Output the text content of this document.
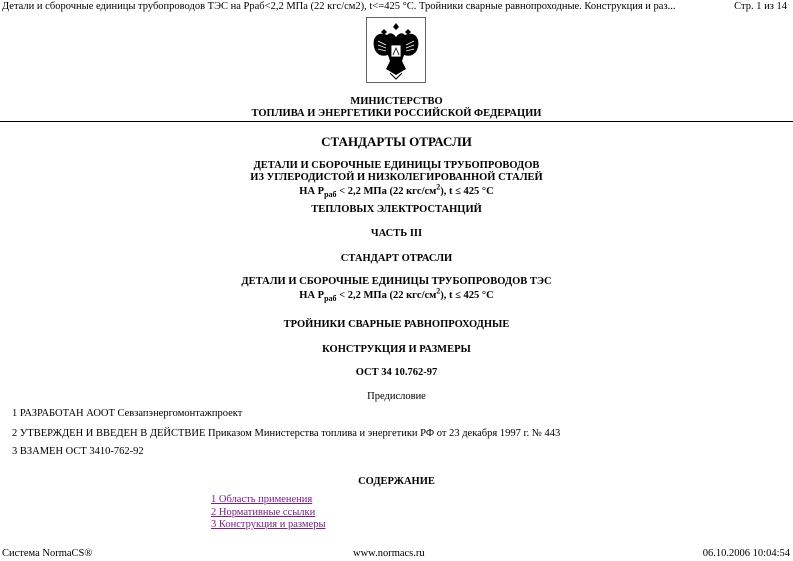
Детали и сборочные единицы трубопроводов ТЭС на Рраб<2,2 МПа (22 кгс/см2), t<=425 °С. Тройники сварные равнопроходные. Конструкция и раз...	Стр. 1 из 14
МИНИСТЕРСТВО
ТОПЛИВА И ЭНЕРГЕТИКИ РОССИЙСКОЙ ФЕДЕРАЦИИ
СТАНДАРТЫ ОТРАСЛИ
ДЕТАЛИ И СБОРОЧНЫЕ ЕДИНИЦЫ ТРУБОПРОВОДОВ
ИЗ УГЛЕРОДИСТОЙ И НИЗКОЛЕГИРОВАННОЙ СТАЛЕЙ
НА $Р_{раб} < 2,2$ МПа (22 кгс/$см^2$), t ≤ 425 °С
ТЕПЛОВЫХ ЭЛЕКТРОСТАНЦИЙ
ЧАСТЬ III
СТАНДАРТ ОТРАСЛИ
ДЕТАЛИ И СБОРОЧНЫЕ ЕДИНИЦЫ ТРУБОПРОВОДОВ ТЭС
НА $Р_{раб} < 2,2$ МПа (22 кгс/$см^2$), t ≤ 425 °С
ТРОЙНИКИ СВАРНЫЕ РАВНОПРОХОДНЫЕ
КОНСТРУКЦИЯ И РАЗМЕРЫ
ОСТ 34 10.762-97
Предисловие
1 РАЗРАБОТАН АООТ Севзапэнергомонтажпроект
2 УТВЕРЖДЕН И ВВЕДЕН В ДЕЙСТВИЕ Приказом Министерства топлива и энергетики РФ от 23 декабря 1997 г. № 443
3 ВЗАМЕН ОСТ 3410-762-92
СОДЕРЖАНИЕ
1 Область применения
2 Нормативные ссылки
3 Конструкция и размеры
Система NormaCS®	www.normacs.ru	06.10.2006 10:04:54
